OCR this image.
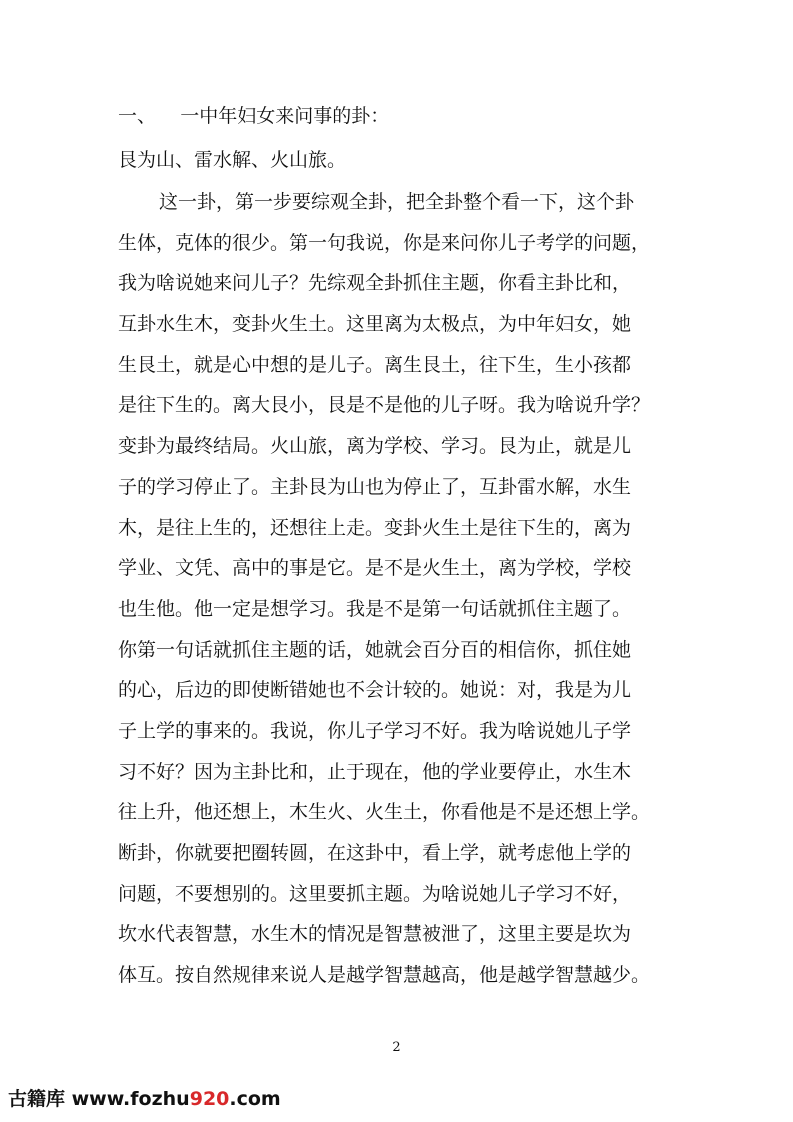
一、 一中年妇女来问事的卦：
艮为山、雷水解、火山旅。
这一卦，第一步要综观全卦，把全卦整个看一下，这个卦
生体，克体的很少。第一句我说，你是来问你儿子考学的问题，
我为啥说她来问儿子？先综观全卦抓住主题，你看主卦比和，
互卦水生木，变卦火生土。这里离为太极点，为中年妇女，她
生艮土，就是心中想的是儿子。离生艮土，往下生，生小孩都
是往下生的。离大艮小，艮是不是他的儿子呀。我为啥说升学？
变卦为最终结局。火山旅，离为学校、学习。艮为止，就是儿
子的学习停止了。主卦艮为山也为停止了，互卦雷水解，水生
木，是往上生的，还想往上走。变卦火生土是往下生的，离为
学业、文凭、高中的事是它。是不是火生土，离为学校，学校
也生他。他一定是想学习。我是不是第一句话就抓住主题了。
你第一句话就抓住主题的话，她就会百分百的相信你，抓住她
的心，后边的即使断错她也不会计较的。她说：对，我是为儿
子上学的事来的。我说，你儿子学习不好。我为啥说她儿子学
习不好？因为主卦比和，止于现在，他的学业要停止，水生木
往上升，他还想上，木生火、火生土，你看他是不是还想上学。
断卦，你就要把圈转圆，在这卦中，看上学，就考虑他上学的
问题，不要想别的。这里要抓主题。为啥说她儿子学习不好，
坎水代表智慧，水生木的情况是智慧被泄了，这里主要是坎为
体互。按自然规律来说人是越学智慧越高，他是越学智慧越少。
2
古籍库 www.fozhu920.com
